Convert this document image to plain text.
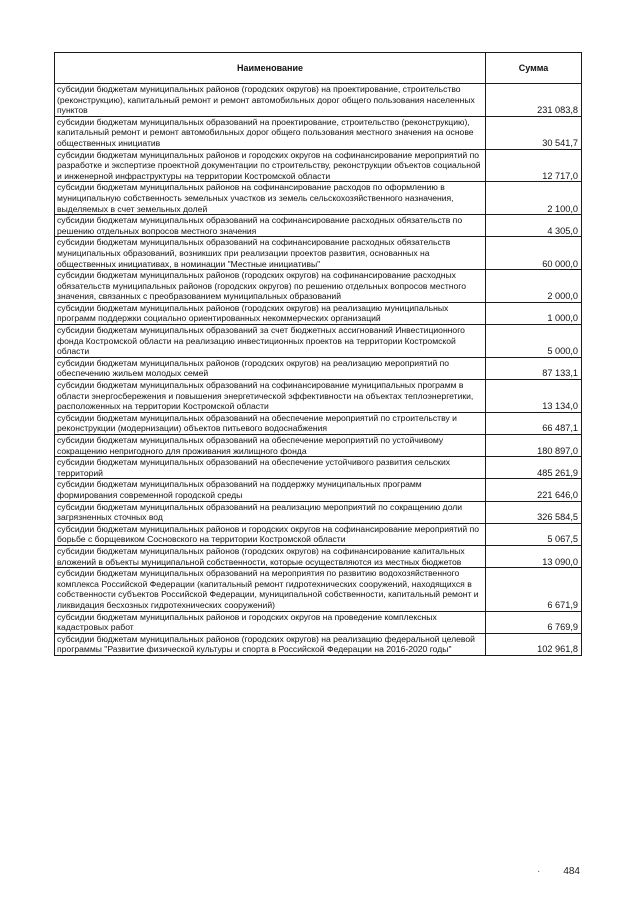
Наименование	Сумма
субсидии бюджетам муниципальных районов (городских округов) на проектирование, строительство (реконструкцию), капитальный ремонт и ремонт автомобильных дорог общего пользования населенных пунктов	231 083,8
субсидии бюджетам муниципальных образований на проектирование, строительство (реконструкцию), капитальный ремонт и ремонт автомобильных дорог общего пользования местного значения на основе общественных инициатив	30 541,7
субсидии бюджетам муниципальных районов и городских округов на софинансирование мероприятий по разработке и экспертизе проектной документации по строительству, реконструкции объектов социальной и инженерной инфраструктуры на территории Костромской области	12 717,0
субсидии бюджетам муниципальных районов на софинансирование расходов по оформлению в муниципальную собственность земельных участков из земель сельскохозяйственного назначения, выделяемых в счет земельных долей	2 100,0
субсидии бюджетам муниципальных образований на софинансирование расходных обязательств по решению отдельных вопросов местного значения	4 305,0
субсидии бюджетам муниципальных образований на софинансирование расходных обязательств муниципальных образований, возникших при реализации проектов развития, основанных на общественных инициативах, в номинации "Местные инициативы"	60 000,0
субсидии бюджетам муниципальных районов (городских округов) на софинансирование расходных обязательств муниципальных районов (городских округов) по решению отдельных вопросов местного значения, связанных с преобразованием муниципальных образований	2 000,0
субсидии бюджетам муниципальных районов (городских округов) на реализацию муниципальных программ поддержки социально ориентированных некоммерческих организаций	1 000,0
субсидии бюджетам муниципальных образований за счет бюджетных ассигнований Инвестиционного фонда Костромской области на реализацию инвестиционных проектов на территории Костромской области	5 000,0
субсидии бюджетам муниципальных районов (городских округов) на реализацию мероприятий по обеспечению жильем молодых семей	87 133,1
субсидии бюджетам муниципальных образований на софинансирование муниципальных программ в области энергосбережения и повышения энергетической эффективности на объектах теплоэнергетики, расположенных на территории Костромской области	13 134,0
субсидии бюджетам муниципальных образований на обеспечение мероприятий по строительству и реконструкции (модернизации) объектов питьевого водоснабжения	66 487,1
субсидии бюджетам муниципальных образований на обеспечение мероприятий по устойчивому сокращению непригодного для проживания жилищного фонда	180 897,0
субсидии бюджетам муниципальных образований на обеспечение устойчивого развития сельских территорий	485 261,9
субсидии бюджетам муниципальных образований на поддержку муниципальных программ формирования современной городской среды	221 646,0
субсидии бюджетам муниципальных образований на реализацию мероприятий по сокращению доли загрязненных сточных вод	326 584,5
субсидии бюджетам муниципальных районов и городских округов на софинансирование мероприятий по борьбе с борщевиком Сосновского на территории Костромской области	5 067,5
субсидии бюджетам муниципальных районов (городских округов) на софинансирование капитальных вложений в объекты муниципальной собственности, которые осуществляются из местных бюджетов	13 090,0
субсидии бюджетам муниципальных образований на мероприятия по развитию водохозяйственного комплекса Российской Федерации (капитальный ремонт гидротехнических сооружений, находящихся в собственности субъектов Российской Федерации, муниципальной собственности, капитальный ремонт и ликвидация бесхозных гидротехнических сооружений)	6 671,9
субсидии бюджетам муниципальных районов и городских округов на проведение комплексных кадастровых работ	6 769,9
субсидии бюджетам муниципальных районов (городских округов) на реализацию федеральной целевой программы "Развитие физической культуры и спорта в Российской Федерации на 2016-2020 годы"	102 961,8
· 484
